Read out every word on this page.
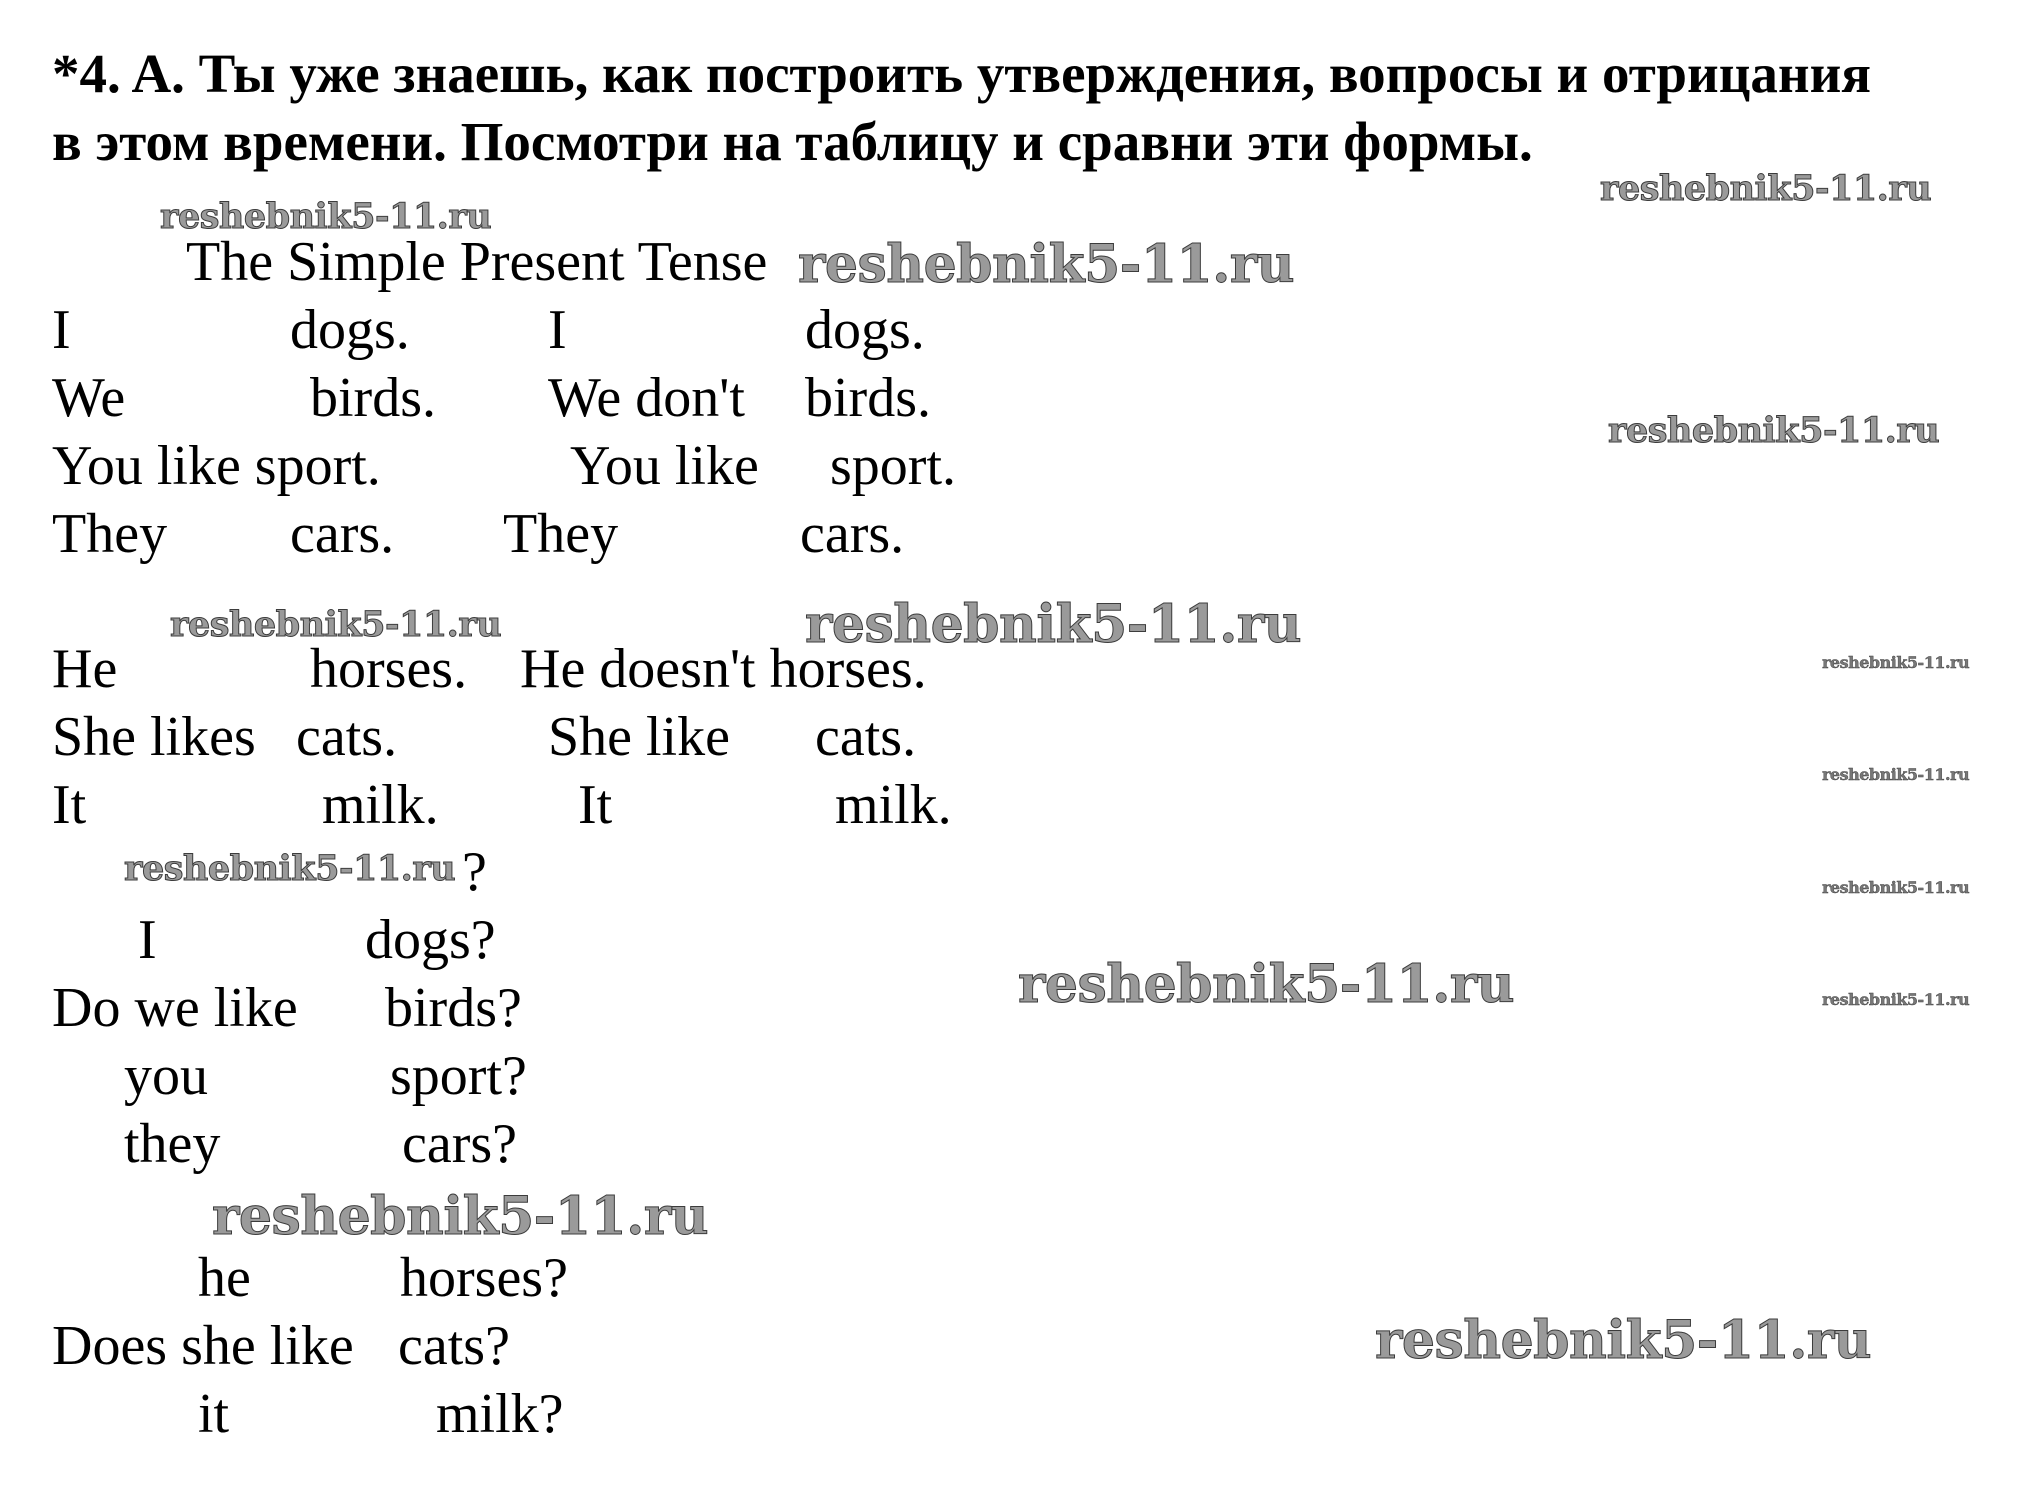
*4. A. Ты уже знаешь, как построить утверждения, вопросы и отрицания
в этом времени. Посмотри на таблицу и сравни эти формы.
The Simple Present Tense
I	dogs. I	dogs.
We	birds. We don't birds.
You like sport.	You like sport.
They cars. They	cars.
He	horses. He doesn't horses.
She likes cats.	She like cats.
It	milk. It	milk.
?
I	dogs?
Do we like birds?
you	sport?
they	cars?
he	horses?
Does she like cats?
it	milk?
reshebnik5-11.ru
reshebnik5-11.ru
reshebnik5-11.ru
reshebnik5-11.ru
reshebnik5-11.ru	reshebnik5-11.ru
reshebnik5-11.ru
reshebnik5-11.ru
reshebnik5-11.ru	reshebnik5-11.ru
reshebnik5-11.ru	reshebnik5-11.ru
reshebnik5-11.ru
reshebnik5-11.ru
